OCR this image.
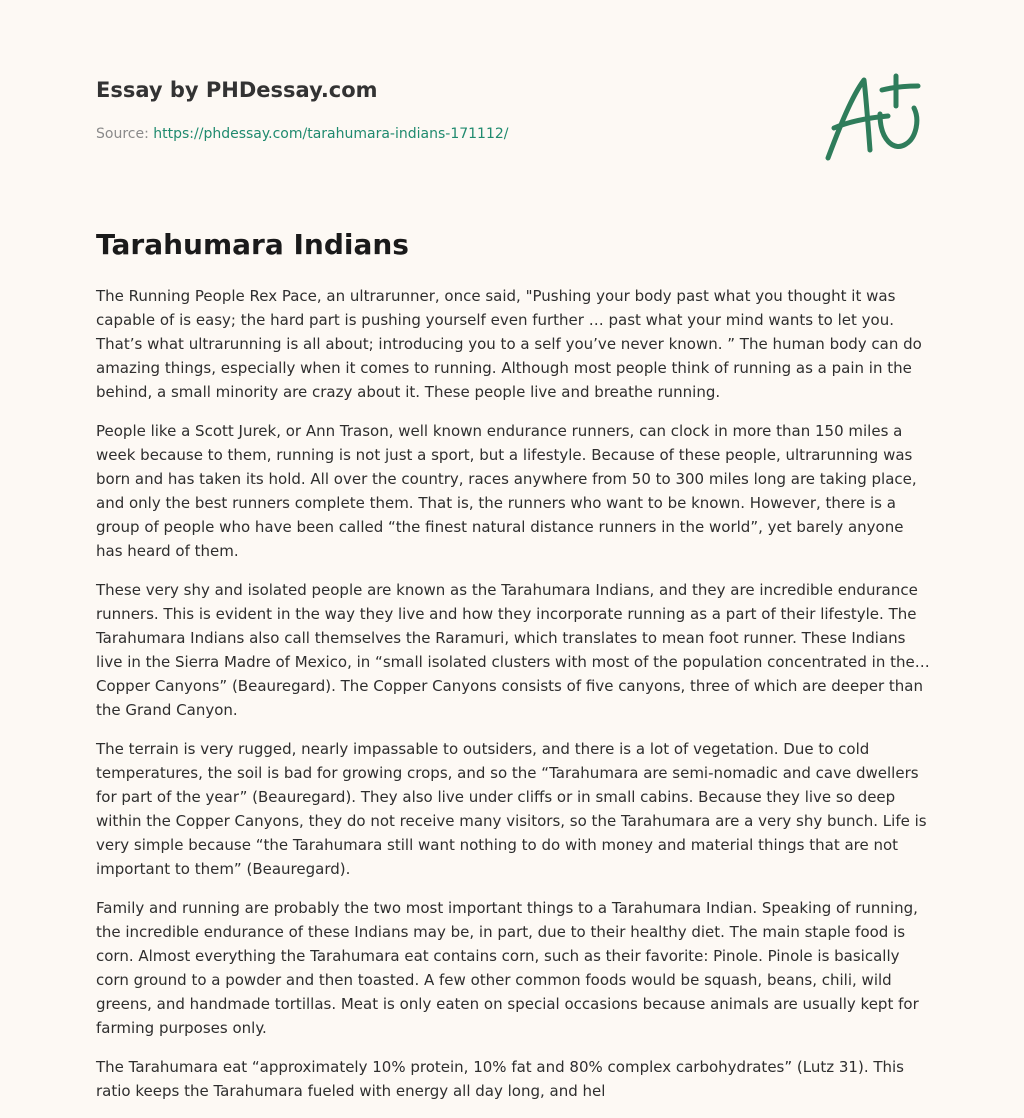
Essay by PHDessay.com
Source: https://phdessay.com/tarahumara-indians-171112/
Tarahumara Indians

The Running People Rex Pace, an ultrarunner, once said, "Pushing your body past what you thought it was capable of is easy; the hard part is pushing yourself even further … past what your mind wants to let you. That’s what ultrarunning is all about; introducing you to a self you’ve never known. ” The human body can do amazing things, especially when it comes to running. Although most people think of running as a pain in the behind, a small minority are crazy about it. These people live and breathe running.

People like a Scott Jurek, or Ann Trason, well known endurance runners, can clock in more than 150 miles a week because to them, running is not just a sport, but a lifestyle. Because of these people, ultrarunning was born and has taken its hold. All over the country, races anywhere from 50 to 300 miles long are taking place, and only the best runners complete them. That is, the runners who want to be known. However, there is a group of people who have been called “the finest natural distance runners in the world”, yet barely anyone has heard of them.

These very shy and isolated people are known as the Tarahumara Indians, and they are incredible endurance runners. This is evident in the way they live and how they incorporate running as a part of their lifestyle. The Tarahumara Indians also call themselves the Raramuri, which translates to mean foot runner. These Indians live in the Sierra Madre of Mexico, in “small isolated clusters with most of the population concentrated in the…Copper Canyons” (Beauregard). The Copper Canyons consists of five canyons, three of which are deeper than the Grand Canyon.

The terrain is very rugged, nearly impassable to outsiders, and there is a lot of vegetation. Due to cold temperatures, the soil is bad for growing crops, and so the “Tarahumara are semi-nomadic and cave dwellers for part of the year” (Beauregard). They also live under cliffs or in small cabins. Because they live so deep within the Copper Canyons, they do not receive many visitors, so the Tarahumara are a very shy bunch. Life is very simple because “the Tarahumara still want nothing to do with money and material things that are not important to them” (Beauregard).

Family and running are probably the two most important things to a Tarahumara Indian. Speaking of running, the incredible endurance of these Indians may be, in part, due to their healthy diet. The main staple food is corn. Almost everything the Tarahumara eat contains corn, such as their favorite: Pinole. Pinole is basically corn ground to a powder and then toasted. A few other common foods would be squash, beans, chili, wild greens, and handmade tortillas. Meat is only eaten on special occasions because animals are usually kept for farming purposes only.

The Tarahumara eat “approximately 10% protein, 10% fat and 80% complex carbohydrates” (Lutz 31). This ratio keeps the Tarahumara fueled with energy all day long, and hel
